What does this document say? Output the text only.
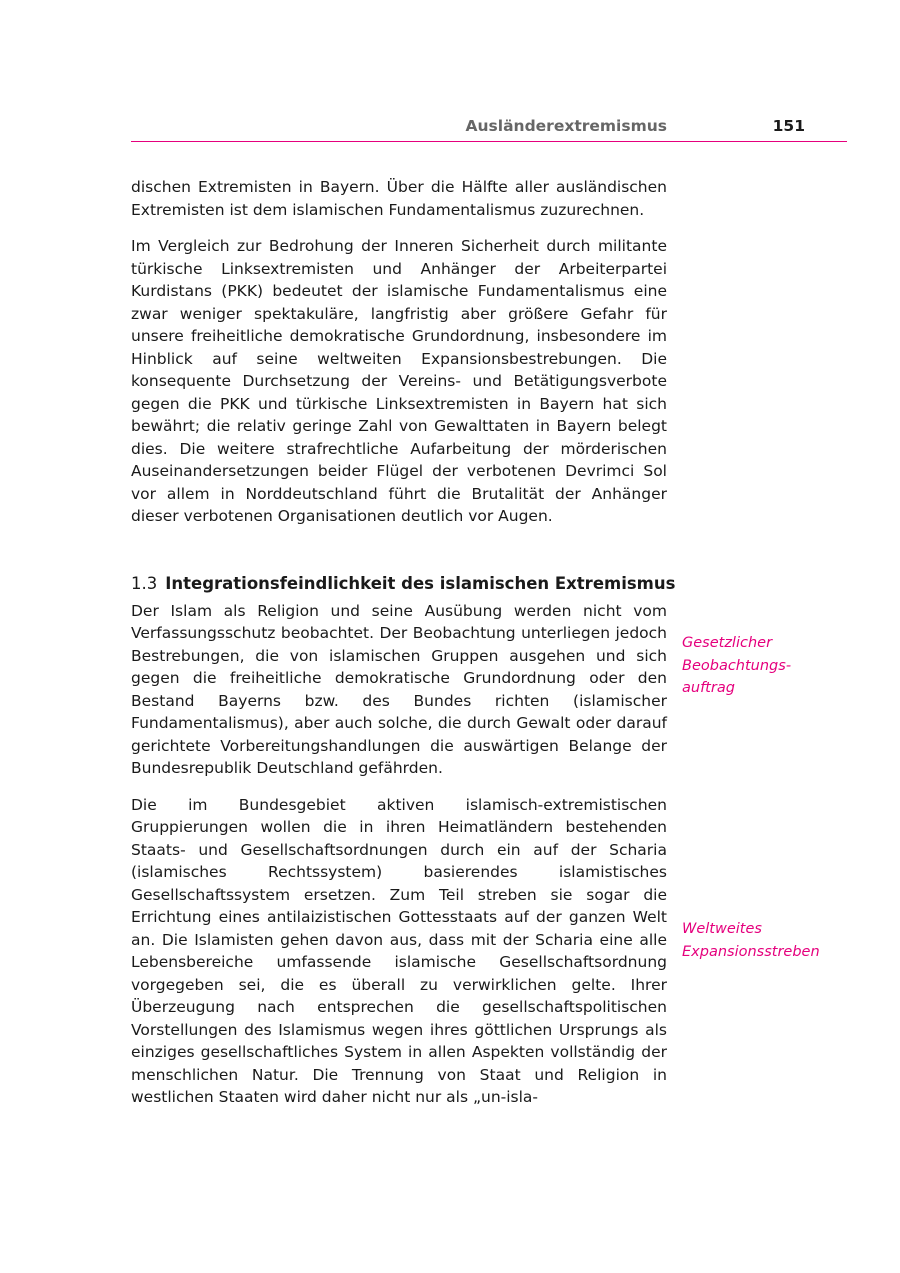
Ausländerextremismus	151

dischen Extremisten in Bayern. Über die Hälfte aller ausländischen Extremisten ist dem islamischen Fundamentalismus zuzurechnen.

Im Vergleich zur Bedrohung der Inneren Sicherheit durch militante türkische Linksextremisten und Anhänger der Arbeiterpartei Kurdistans (PKK) bedeutet der islamische Fundamentalismus eine zwar weniger spektakuläre, langfristig aber größere Gefahr für unsere freiheitliche demokratische Grundordnung, insbesondere im Hinblick auf seine weltweiten Expansionsbestrebungen. Die konsequente Durchsetzung der Vereins- und Betätigungsverbote gegen die PKK und türkische Linksextremisten in Bayern hat sich bewährt; die relativ geringe Zahl von Gewalttaten in Bayern belegt dies. Die weitere strafrechtliche Aufarbeitung der mörderischen Auseinandersetzungen beider Flügel der verbotenen Devrimci Sol vor allem in Norddeutschland führt die Brutalität der Anhänger dieser verbotenen Organisationen deutlich vor Augen.

1.3 Integrationsfeindlichkeit des islamischen Extremismus

Der Islam als Religion und seine Ausübung werden nicht vom Verfassungsschutz beobachtet. Der Beobachtung unterliegen jedoch Bestrebungen, die von islamischen Gruppen ausgehen und sich gegen die freiheitliche demokratische Grundordnung oder den Bestand Bayerns bzw. des Bundes richten (islamischer Fundamentalismus), aber auch solche, die durch Gewalt oder darauf gerichtete Vorbereitungshandlungen die auswärtigen Belange der Bundesrepublik Deutschland gefährden.

Die im Bundesgebiet aktiven islamisch-extremistischen Gruppierungen wollen die in ihren Heimatländern bestehenden Staats- und Gesellschaftsordnungen durch ein auf der Scharia (islamisches Rechtssystem) basierendes islamistisches Gesellschaftssystem ersetzen. Zum Teil streben sie sogar die Errichtung eines antilaizistischen Gottesstaats auf der ganzen Welt an. Die Islamisten gehen davon aus, dass mit der Scharia eine alle Lebensbereiche umfassende islamische Gesellschaftsordnung vorgegeben sei, die es überall zu verwirklichen gelte. Ihrer Überzeugung nach entsprechen die gesellschaftspolitischen Vorstellungen des Islamismus wegen ihres göttlichen Ursprungs als einziges gesellschaftliches System in allen Aspekten vollständig der menschlichen Natur. Die Trennung von Staat und Religion in westlichen Staaten wird daher nicht nur als „un-isla-

Gesetzlicher
Beobachtungs-
auftrag
Weltweites
Expansionsstreben
